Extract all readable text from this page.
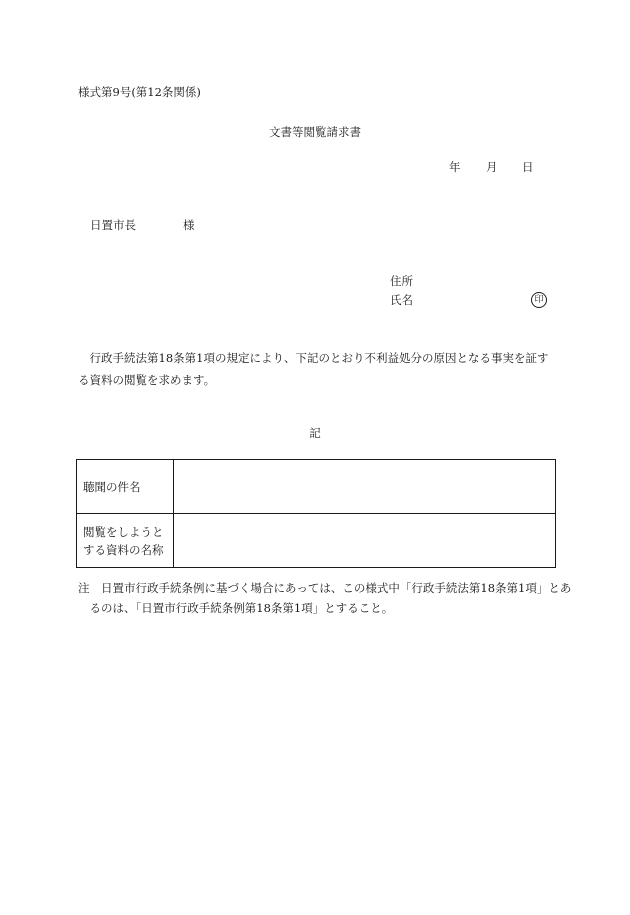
様式第9号(第12条関係)
文書等閲覧請求書
年 月 日
日置市長	様
住所
氏名	印
行政手続法第18条第1項の規定により、下記のとおり不利益処分の原因となる事実を証する資料の閲覧を求めます。
記
聴聞の件名	
閲覧をしようとする資料の名称	
注　日置市行政手続条例に基づく場合にあっては、この様式中「行政手続法第18条第1項」とあるのは、「日置市行政手続条例第18条第1項」とすること。
